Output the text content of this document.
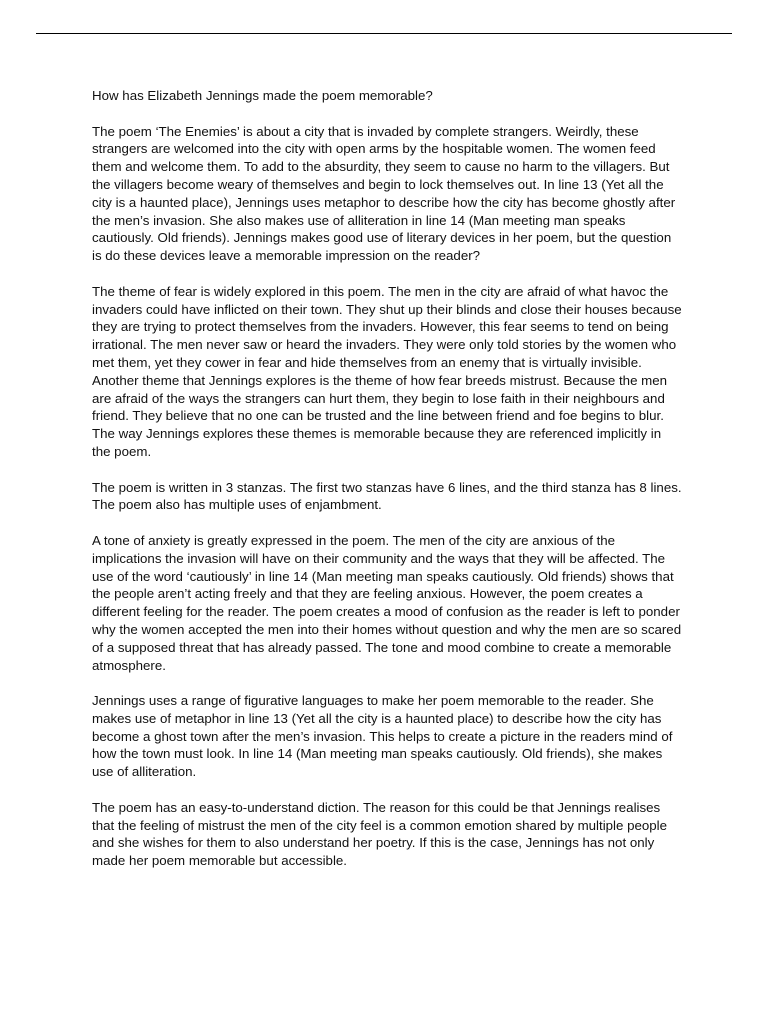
How has Elizabeth Jennings made the poem memorable?

The poem ‘The Enemies’ is about a city that is invaded by complete strangers. Weirdly, these strangers are welcomed into the city with open arms by the hospitable women. The women feed them and welcome them. To add to the absurdity, they seem to cause no harm to the villagers. But the villagers become weary of themselves and begin to lock themselves out. In line 13 (Yet all the city is a haunted place), Jennings uses metaphor to describe how the city has become ghostly after the men’s invasion. She also makes use of alliteration in line 14 (Man meeting man speaks cautiously. Old friends). Jennings makes good use of literary devices in her poem, but the question is do these devices leave a memorable impression on the reader?

The theme of fear is widely explored in this poem. The men in the city are afraid of what havoc the invaders could have inflicted on their town. They shut up their blinds and close their houses because they are trying to protect themselves from the invaders. However, this fear seems to tend on being irrational. The men never saw or heard the invaders. They were only told stories by the women who met them, yet they cower in fear and hide themselves from an enemy that is virtually invisible. Another theme that Jennings explores is the theme of how fear breeds mistrust. Because the men are afraid of the ways the strangers can hurt them, they begin to lose faith in their neighbours and friend. They believe that no one can be trusted and the line between friend and foe begins to blur. The way Jennings explores these themes is memorable because they are referenced implicitly in the poem.

The poem is written in 3 stanzas. The first two stanzas have 6 lines, and the third stanza has 8 lines. The poem also has multiple uses of enjambment.

A tone of anxiety is greatly expressed in the poem. The men of the city are anxious of the implications the invasion will have on their community and the ways that they will be affected. The use of the word ‘cautiously’ in line 14 (Man meeting man speaks cautiously. Old friends) shows that the people aren’t acting freely and that they are feeling anxious. However, the poem creates a different feeling for the reader. The poem creates a mood of confusion as the reader is left to ponder why the women accepted the men into their homes without question and why the men are so scared of a supposed threat that has already passed. The tone and mood combine to create a memorable atmosphere.

Jennings uses a range of figurative languages to make her poem memorable to the reader. She makes use of metaphor in line 13 (Yet all the city is a haunted place) to describe how the city has become a ghost town after the men’s invasion. This helps to create a picture in the readers mind of how the town must look. In line 14 (Man meeting man speaks cautiously. Old friends), she makes use of alliteration.

The poem has an easy-to-understand diction. The reason for this could be that Jennings realises that the feeling of mistrust the men of the city feel is a common emotion shared by multiple people and she wishes for them to also understand her poetry. If this is the case, Jennings has not only made her poem memorable but accessible.
